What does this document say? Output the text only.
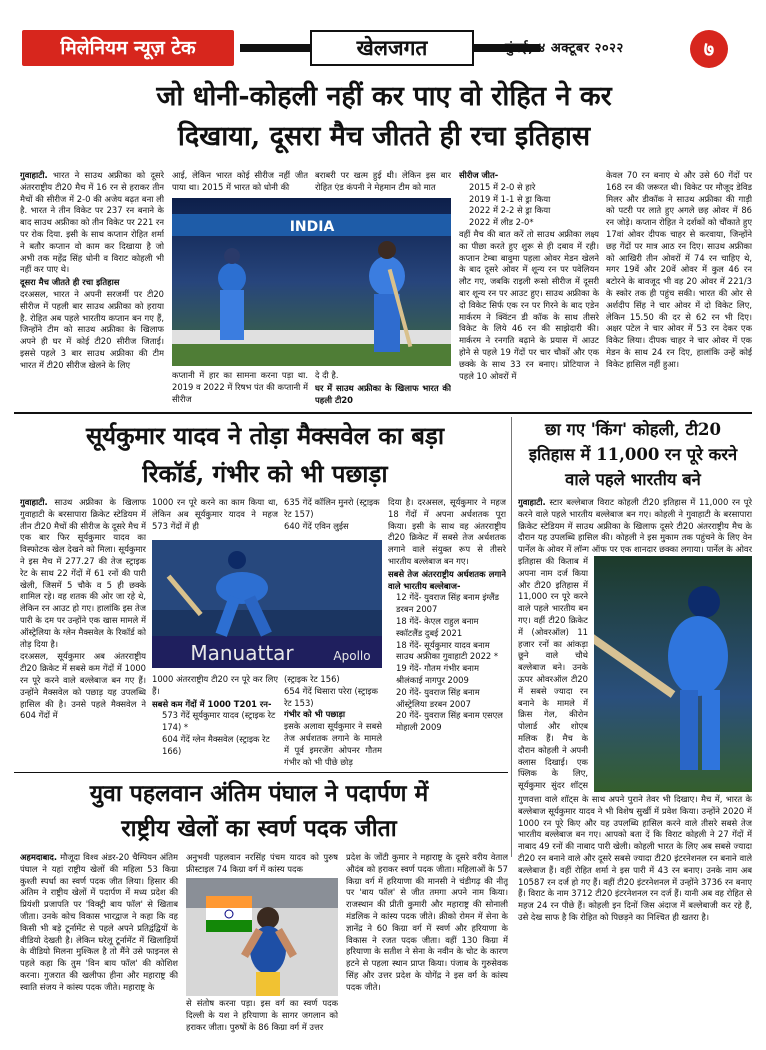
मिलेनियम न्यूज़ टेक	खेलजगत	मुंबई, ४ अक्टूबर २०२२	७
जो धोनी-कोहली नहीं कर पाए वो रोहित ने कर
दिखाया, दूसरा मैच जीतते ही रचा इतिहास

गुवाहाटी. भारत ने साउथ अफ्रीका को दूसरे अंतरराष्ट्रीय टी20 मैच में 16 रन से हराकर तीन मैचों की सीरीज में 2-0 की अजेय बढ़त बना ली है. भारत ने तीन विकेट पर 237 रन बनाने के बाद साउथ अफ्रीका को तीन विकेट पर 221 रन पर रोक दिया. इसी के साथ कप्तान रोहित शर्मा ने बतौर कप्तान वो काम कर दिखाया है जो अभी तक महेंद्र सिंह धोनी व विराट कोहली भी नहीं कर पाए थे।

दूसरा मैच जीतते ही रचा इतिहास

दरअसल, भारत ने अपनी सरजमीं पर टी20 सीरीज में पहली बार साउथ अफ्रीका को हराया है. रोहित अब पहले भारतीय कप्तान बन गए हैं, जिन्होंने टीम को साउथ अफ्रीका के खिलाफ अपने ही घर में कोई टी20 सीरीज जिताई। इससे पहले 3 बार साउथ अफ्रीका की टीम भारत में टी20 सीरीज खेलने के लिए

आई, लेकिन भारत कोई सीरीज नहीं जीत पाया था। 2015 में भारत को धोनी की
बराबरी पर खत्म हुई थी। लेकिन इस बार रोहित एंड कंपनी ने मेहमान टीम को मात
INDIA
कप्तानी में हार का सामना करना पड़ा था. 2019 व 2022 में रिषभ पंत की कप्तानी में सीरीज

दे दी है.

घर में साउथ अफ्रीका के खिलाफ भारत की पहली टी20

सीरीज जीत-

2015 में 2-0 से हारे

2019 में 1-1 से ड्रा किया

2022 में 2-2 से ड्रा किया

2022 में लीड 2-0*

वहीं मैच की बात करें तो साउथ अफ्रीका लक्ष्य का पीछा करते हुए शुरू से ही दबाव में रही। कप्तान टेम्बा बावुमा पहला ओवर मेडन खेलने के बाद दूसरे ओवर में शून्य रन पर पवेलियन लौट गए, जबकि राइली रूसो सीरीज में दूसरी बार शून्य रन पर आउट हुए। साउथ अफ्रीका के दो विकेट सिर्फ एक रन पर गिरने के बाद एडेन मार्करम ने क्विंटन डी कॉक के साथ तीसरे विकेट के लिये 46 रन की साझेदारी की। मार्करम ने रनगति बढ़ाने के प्रयास में आउट होने से पहले 19 गेंदों पर चार चौकों और एक छक्के के साथ 33 रन बनाए। प्रोटियाज ने पहले 10 ओवरों में

केवल 70 रन बनाए थे और उसे 60 गेंदों पर 168 रन की जरूरत थी। विकेट पर मौजूद डेविड मिलर और डीकॉक ने साउथ अफ्रीका की गाड़ी को पटरी पर लाते हुए अगले छह ओवर में 86 रन जोड़े। कप्तान रोहित ने दर्शकों को चौंकाते हुए 17वां ओवर दीपक चाहर से करवाया, जिन्होंने छह गेंदों पर मात्र आठ रन दिए। साउथ अफ्रीका को आखिरी तीन ओवरों में 74 रन चाहिए थे, मगर 19वें और 20वें ओवर में कुल 46 रन बटोरने के बावजूद भी वह 20 ओवर में 221/3 के स्कोर तक ही पहुंच सकी। भारत की ओर से अर्शदीप सिंह ने चार ओवर में दो विकेट लिए, लेकिन 15.50 की दर से 62 रन भी दिए। अक्षर पटेल ने चार ओवर में 53 रन देकर एक विकेट लिया। दीपक चाहर ने चार ओवर में एक मेडन के साथ 24 रन दिए, हालांकि उन्हें कोई विकेट हासिल नहीं हुआ।
सूर्यकुमार यादव ने तोड़ा मैक्सवेल का बड़ा
रिकॉर्ड, गंभीर को भी पछाड़ा

गुवाहाटी. साउथ अफ्रीका के खिलाफ गुवाहाटी के बरसापारा क्रिकेट स्टेडियम में तीन टी20 मैचों की सीरीज के दूसरे मैच में एक बार फिर सूर्यकुमार यादव का विस्फोटक खेल देखने को मिला। सूर्यकुमार ने इस मैच में 277.27 की तेज स्ट्राइक रेट के साथ 22 गेंदों में 61 रनों की पारी खेली, जिसमें 5 चौके व 5 ही छक्के शामिल रहे। वह शतक की ओर जा रहे थे, लेकिन रन आउट हो गए। हालांकि इस तेज पारी के दम पर उन्होंने एक खास मामले में ऑस्ट्रेलिया के ग्लेन मैक्सवेल के रिकॉर्ड को तोड़ दिया है।

दरअसल, सूर्यकुमार अब अंतरराष्ट्रीय टी20 क्रिकेट में सबसे कम गेंदों में 1000 रन पूरे करने वाले बल्लेबाज बन गए हैं। उन्होंने मैक्सवेल को पछाड़ यह उपलब्धि हासिल की है। उनसे पहले मैक्सवेल ने 604 गेंदों में

1000 रन पूरे करने का काम किया था, लेकिन अब सूर्यकुमार यादव ने महज 573 गेंदों में ही

635 गेंदें कॉलिन मुनरो (स्ट्राइक रेट 157)

640 गेंदें एविन लुईस

Manuattar	Apollo

1000 अंतरराष्ट्रीय टी20 रन पूरे कर लिए हैं।

सबसे कम गेंदों में 1000 T201 रन-

573 गेंदें सूर्यकुमार यादव (स्ट्राइक रेट 174) *

604 गेंदें ग्लेन मैक्सवेल (स्ट्राइक रेट 166)

(स्ट्राइक रेट 156)

654 गेंदें थिसारा परेरा (स्ट्राइक रेट 153)

गंभीर को भी पछाड़ा

इसके अलावा सूर्यकुमार ने सबसे तेज अर्धशतक लगाने के मामले में पूर्व इमरजेंग ओपनर गौतम गंभीर को भी पीछे छोड़

दिया है। दरअसल, सूर्यकुमार ने महज 18 गेंदों में अपना अर्धशतक पूरा किया। इसी के साथ वह अंतरराष्ट्रीय टी20 क्रिकेट में सबसे तेज अर्धशतक लगाने वाले संयुक्त रूप से तीसरे भारतीय बल्लेबाज बन गए।

सबसे तेज अंतरराष्ट्रीय अर्धशतक लगाने वाले भारतीय बल्लेबाज-

12 गेंदें- युवराज सिंह बनाम इंग्लैंड डरबन 2007

18 गेंदें- केएल राहुल बनाम स्कॉटलैंड दुबई 2021

18 गेंदें- सूर्यकुमार यादव बनाम साउथ अफ्रीका गुवाहाटी 2022 *

19 गेंदें- गौतम गंभीर बनाम श्रीलंकाई नागपुर 2009

20 गेंदें- युवराज सिंह बनाम ऑस्ट्रेलिया डरबन 2007

20 गेंदें- युवराज सिंह बनाम एसएल मोहाली 2009

छा गए 'किंग' कोहली, टी20
इतिहास में 11,000 रन पूरे करने
वाले पहले भारतीय बने

गुवाहाटी. स्टार बल्लेबाज विराट कोहली टी20 इतिहास में 11,000 रन पूरे करने वाले पहले भारतीय बल्लेबाज बन गए। कोहली ने गुवाहाटी के बरसापारा क्रिकेट स्टेडियम में साउथ अफ्रीका के खिलाफ दूसरे टी20 अंतरराष्ट्रीय मैच के दौरान यह उपलब्धि हासिल की। कोहली ने इस मुकाम तक पहुंचने के लिए वेन पार्नेल के ओवर में लॉन्ग ऑफ पर एक शानदार छक्का लगाया। पार्नेल के ओवर

इतिहास की किताब में अपना नाम दर्ज किया और टी20 इतिहास में 11,000 रन पूरे करने वाले पहले भारतीय बन गए। वहीं टी20 क्रिकेट में (ओवरऑल) 11 हजार रनों का आंकड़ा छूने वाले चौथे बल्लेबाज बने। उनके ऊपर ओवरऑल टी20 में सबसे ज्यादा रन बनाने के मामले में क्रिस गेल, कीरोन पोलार्ड और शोएब मलिक हैं। मैच के दौरान कोहली ने अपनी क्लास दिखाई। एक फ्लिक के लिए, सूर्यकुमार सुंदर शॉट्स
गुणवत्ता वाले शॉट्स के साथ अपने पुराने तेवर भी दिखाए। मैच में, भारत के बल्लेबाज सूर्यकुमार यादव ने भी विशेष सुर्खी में प्रवेश किया। उन्होंने 2020 में 1000 रन पूरे किए और यह उपलब्धि हासिल करने वाले तीसरे सबसे तेज भारतीय बल्लेबाज बन गए। आपको बता दें कि विराट कोहली ने 27 गेंदों में नाबाद 49 रनों की नाबाद पारी खेली। कोहली भारत के लिए अब सबसे ज्यादा टी20 रन बनाने वाले और दूसरे सबसे ज्यादा टी20 इंटरनेशनल रन बनाने वाले बल्लेबाज हैं। वहीं रोहित शर्मा ने इस पारी में 43 रन बनाए। उनके नाम अब 10587 रन दर्ज हो गए हैं। वहीं टी20 इंटरनेशनल में उन्होंने 3736 रन बनाए हैं। विराट के नाम 3712 टी20 इंटरनेशनल रन दर्ज हैं। यानी अब वह रोहित से महज 24 रन पीछे हैं। कोहली इन दिनों जिस अंदाज में बल्लेबाजी कर रहे हैं, उसे देख साफ है कि रोहित को पिछड़ने का निश्चित ही खतरा है।
युवा पहलवान अंतिम पंघाल ने पदार्पण में
राष्ट्रीय खेलों का स्वर्ण पदक जीता

अहमदाबाद. मौजूदा विश्व अंडर-20 चैम्पियन अंतिम पंघाल ने यहां राष्ट्रीय खेलों की महिला 53 किग्रा कुश्ती स्पर्धा का स्वर्ण पदक जीत लिया। हिसार की अंतिम ने राष्ट्रीय खेलों में पदार्पण में मध्य प्रदेश की प्रियंशी प्रजापति पर 'विक्ट्री बाय फॉल' से खिताब जीता। उनके कोच विकास भारद्वाज ने कहा कि वह किसी भी बड़े टूर्नामेंट से पहले अपने प्रतिद्वंद्वियों के वीडियो देखती है। लेकिन घरेलू टूर्नामेंट में खिलाड़ियों के वीडियो मिलना मुश्किल है तो मैंने उसे फाइनल से पहले कहा कि तुम 'विन बाय फॉल' की कोशिश करना। गुजरात की खलीफा हीना और महाराष्ट्र की स्वाति संजय ने कांस्य पदक जीते। महाराष्ट्र के

अनुभवी पहलवान नरसिंह पंचम यादव को पुरुष फ्रीस्टाइल 74 किग्रा वर्ग में कांस्य पदक
से संतोष करना पड़ा। इस वर्ग का स्वर्ण पदक दिल्ली के यश ने हरियाणा के सागर जगलान को हराकर जीता। पुरुषों के 86 किग्रा वर्ग में उत्तर
प्रदेश के जोंटी कुमार ने महाराष्ट्र के दूसरे वरीय वेताल औदंब को हराकर स्वर्ण पदक जीता। महिलाओं के 57 किग्रा वर्ग में हरियाणा की मानसी ने चंडीगढ़ की नीतू पर 'बाय फॉल' से जीत तमगा अपने नाम किया। राजस्थान की प्रीती कुमारी और महाराष्ट्र की सोनाली मंडलिक ने कांस्य पदक जीते। क्रीको रोमन में सेना के ज्ञानेंद्र ने 60 किग्रा वर्ग में स्वर्ण और हरियाणा के विकास ने रजत पदक जीता। वहीं 130 किग्रा में हरियाणा के सतीश ने सेना के नवीन के चोट के कारण हटने से पहला स्थान प्राप्त किया। पंजाब के गुरुसेवक सिंह और उत्तर प्रदेश के योगेंद्र ने इस वर्ग के कांस्य पदक जीते।
